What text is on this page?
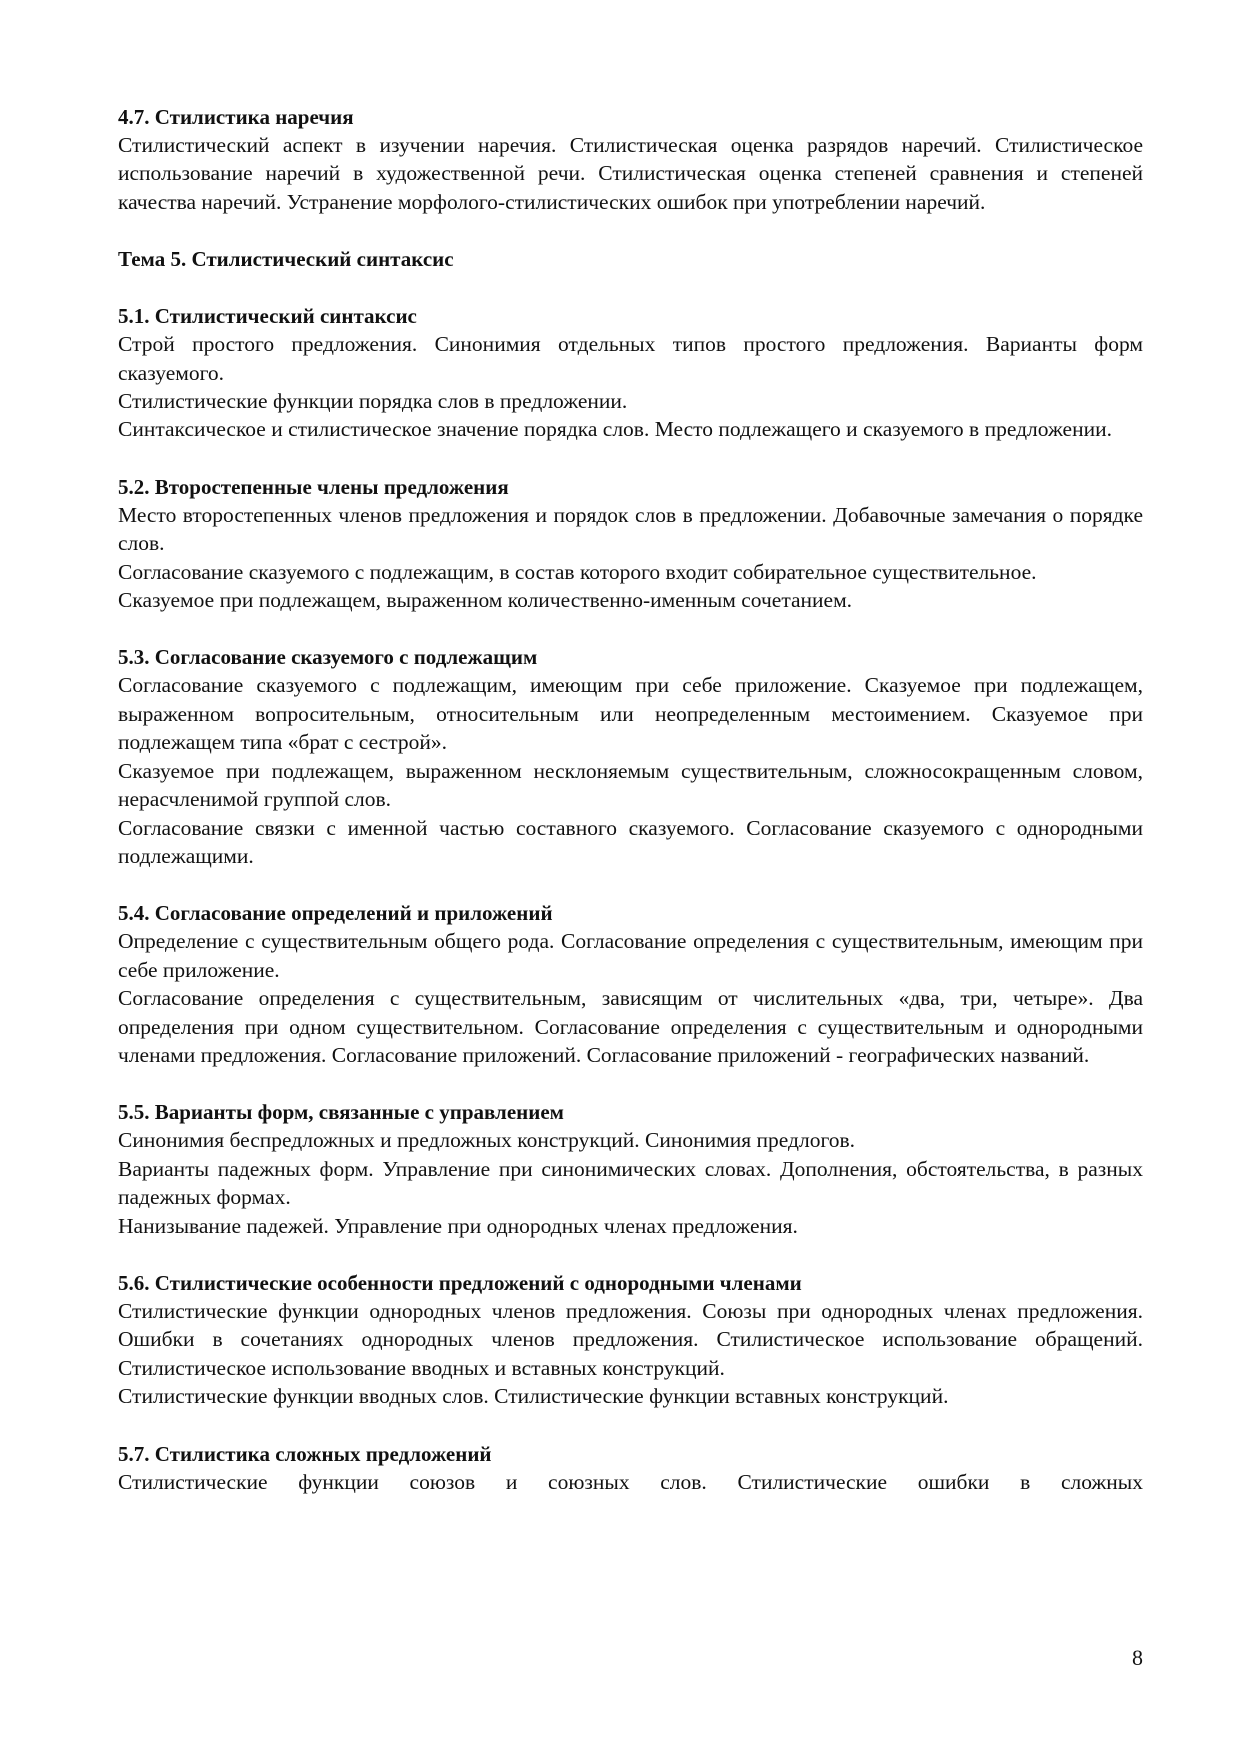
4.7. Стилистика наречия

Стилистический аспект в изучении наречия. Стилистическая оценка разрядов наречий. Стилистическое использование наречий в художественной речи. Стилистическая оценка степеней сравнения и степеней качества наречий. Устранение морфолого-стилистических ошибок при употреблении наречий.

Тема 5. Стилистический синтаксис
5.1. Стилистический синтаксис

Строй простого предложения. Синонимия отдельных типов простого предложения. Варианты форм сказуемого.

Стилистические функции порядка слов в предложении.

Синтаксическое и стилистическое значение порядка слов. Место подлежащего и сказуемого в предложении.

5.2. Второстепенные члены предложения

Место второстепенных членов предложения и порядок слов в предложении. Добавочные замечания о порядке слов.

Согласование сказуемого с подлежащим, в состав которого входит собирательное существительное.

Сказуемое при подлежащем, выраженном количественно-именным сочетанием.

5.3. Согласование сказуемого с подлежащим

Согласование сказуемого с подлежащим, имеющим при себе приложение. Сказуемое при подлежащем, выраженном вопросительным, относительным или неопределенным местоимением. Сказуемое при подлежащем типа «брат с сестрой».

Сказуемое при подлежащем, выраженном несклоняемым существительным, сложносокращенным словом, нерасчленимой группой слов.

Согласование связки с именной частью составного сказуемого. Согласование сказуемого с однородными подлежащими.

5.4. Согласование определений и приложений

Определение с существительным общего рода. Согласование определения с существительным, имеющим при себе приложение.

Согласование определения с существительным, зависящим от числительных «два, три, четыре». Два определения при одном существительном. Согласование определения с существительным и однородными членами предложения. Согласование приложений. Согласование приложений - географических названий.

5.5. Варианты форм, связанные с управлением

Синонимия беспредложных и предложных конструкций. Синонимия предлогов.

Варианты падежных форм. Управление при синонимических словах. Дополнения, обстоятельства, в разных падежных формах.

Нанизывание падежей. Управление при однородных членах предложения.

5.6. Стилистические особенности предложений с однородными членами

Стилистические функции однородных членов предложения. Союзы при однородных членах предложения. Ошибки в сочетаниях однородных членов предложения. Стилистическое использование обращений. Стилистическое использование вводных и вставных конструкций.

Стилистические функции вводных слов. Стилистические функции вставных конструкций.

5.7. Стилистика сложных предложений

Стилистические функции союзов и союзных слов. Стилистические ошибки в сложных

8
